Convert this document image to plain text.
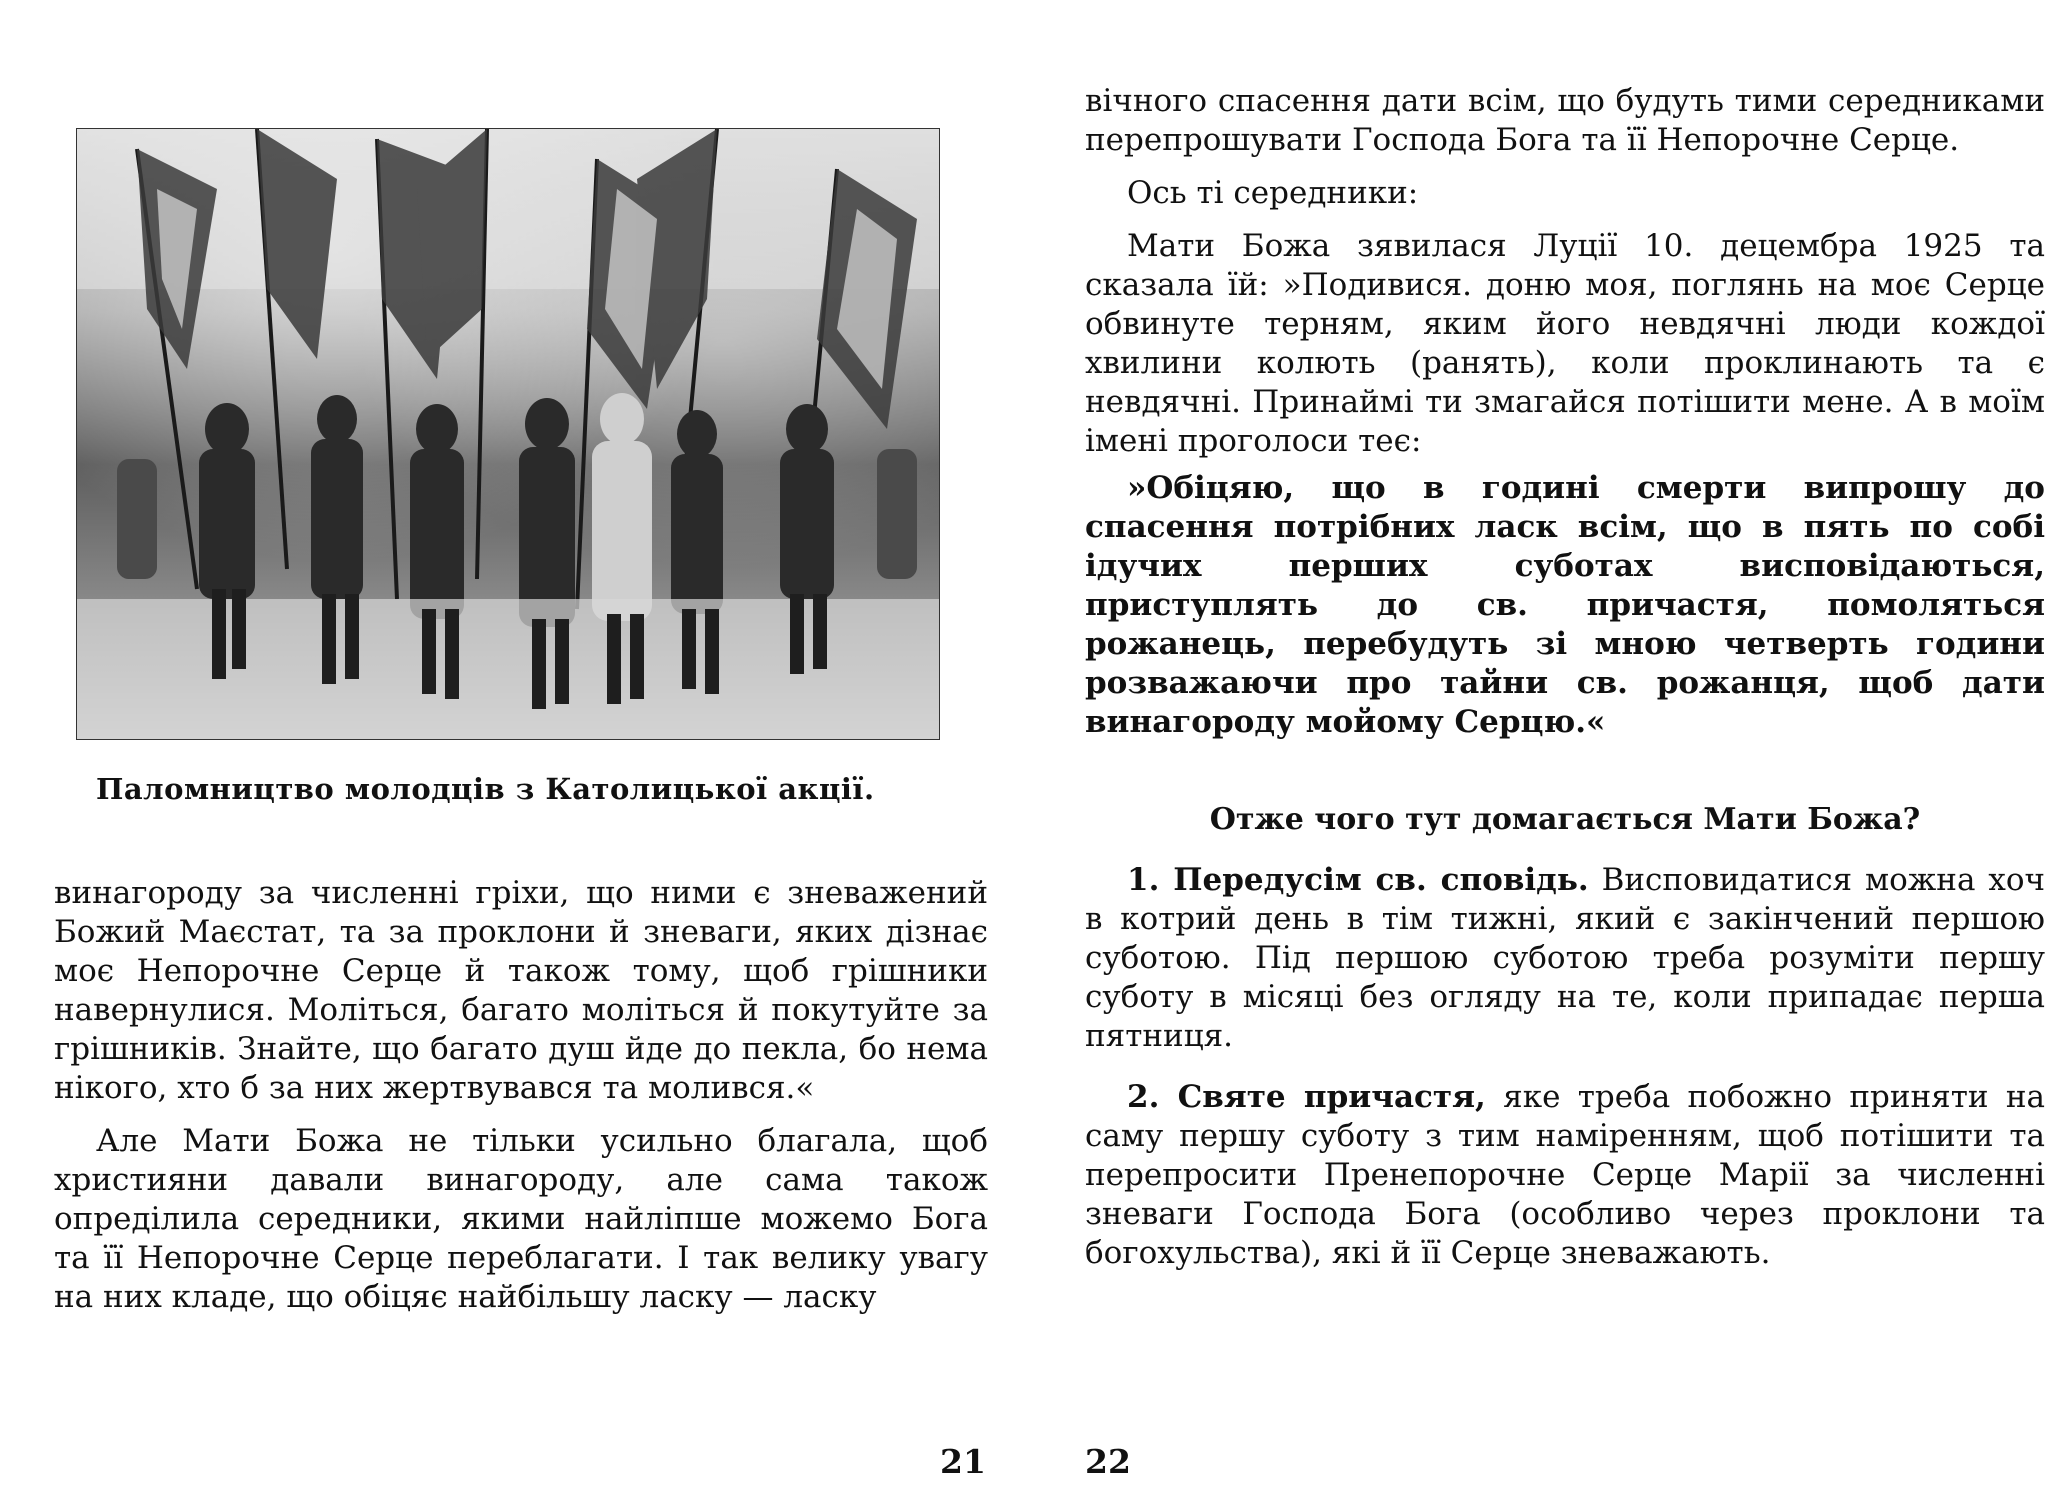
Паломництво молодців з Католицької акції.

винагороду за численні гріхи, що ними є зневажений Божий Маєстат, та за проклони й зневаги, яких дізнає моє Непорочне Серце й також тому, щоб грішники навернулися. Моліться, багато моліться й покутуйте за грішників. Знайте, що багато душ йде до пекла, бо нема нікого, хто б за них жертвувався та молився.«

Але Мати Божа не тільки усильно благала, щоб християни давали винагороду, але сама також опреділила середники, якими найліпше можемо Бога та її Непорочне Серце переблагати. І так велику увагу на них кладе, що обіцяє найбільшу ласку — ласку

21

вічного спасення дати всім, що будуть тими середниками перепрошувати Господа Бога та її Непорочне Серце.

Ось ті середники:

Мати Божа зявилася Луції 10. децембра 1925 та сказала їй: »Подивися. доню моя, поглянь на моє Серце обвинуте терням, яким його невдячні люди кождої хвилини колють (ранять), коли проклинають та є невдячні. Принаймі ти змагайся потішити мене. А в моїм імені проголоси теє:

»Обіцяю, що в годині смерти випрошу до спасення потрібних ласк всім, що в пять по собі ідучих перших суботах висповідаються, приступлять до св. причастя, помоляться рожанець, перебудуть зі мною четверть години розважаючи про тайни св. рожанця, щоб дати винагороду мойому Серцю.«

Отже чого тут домагається Мати Божа?

1. Передусім св. сповідь. Висповидатися можна хоч в котрий день в тім тижні, який є закінчений першою суботою. Під першою суботою треба розуміти першу суботу в місяці без огляду на те, коли припадає перша пятниця.

2. Святе причастя, яке треба побожно приняти на саму першу суботу з тим наміренням, щоб потішити та перепросити Пренепорочне Серце Марії за численні зневаги Господа Бога (особливо через проклони та богохульства), які й її Серце зневажають.

22
